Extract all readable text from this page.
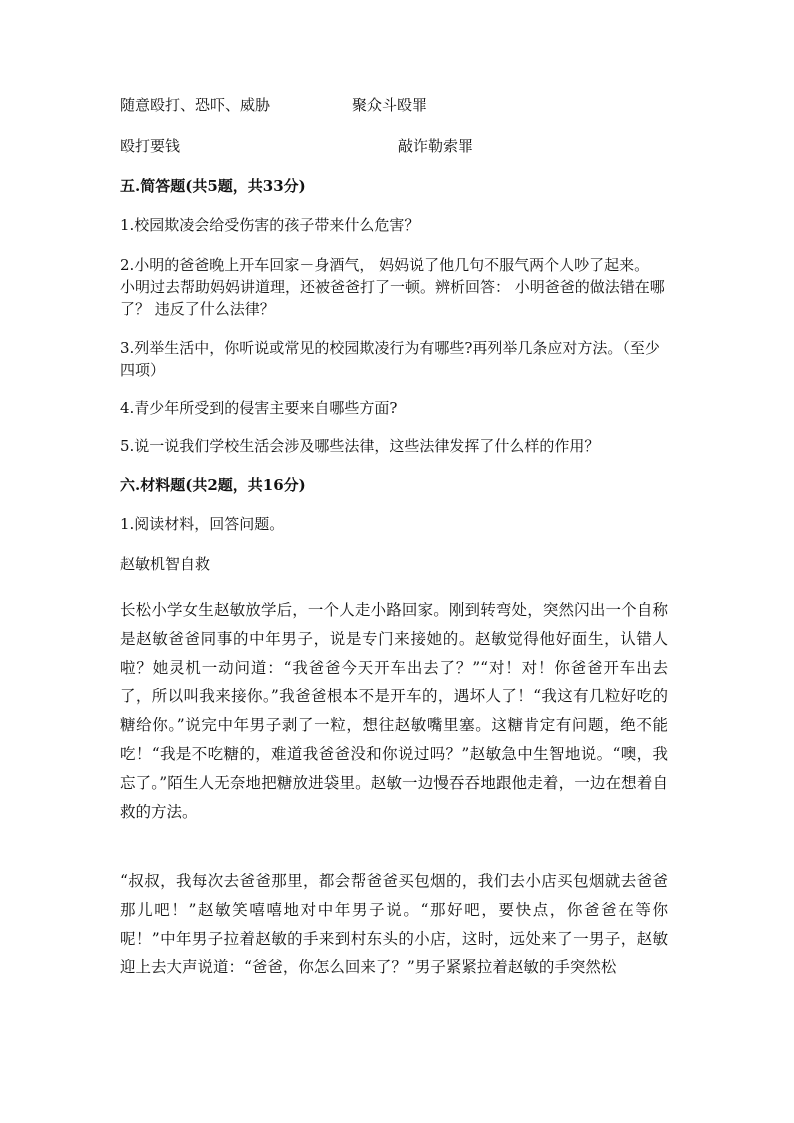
随意殴打、恐吓、威胁	聚众斗殴罪
殴打要钱	敲诈勒索罪
五.简答题(共5题，共33分)
1.校园欺凌会给受伤害的孩子带来什么危害？
2.小明的爸爸晚上开车回家－身酒气， 妈妈说了他几句不服气两个人吵了起来。 小明过去帮助妈妈讲道理，还被爸爸打了一顿。辨析回答： 小明爸爸的做法错在哪了？ 违反了什么法律？
3.列举生活中，你听说或常见的校园欺凌行为有哪些?再列举几条应对方法。（至少四项）
4.青少年所受到的侵害主要来自哪些方面?
5.说一说我们学校生活会涉及哪些法律，这些法律发挥了什么样的作用？
六.材料题(共2题，共16分)
1.阅读材料，回答问题。
赵敏机智自救
长松小学女生赵敏放学后，一个人走小路回家。刚到转弯处，突然闪出一个自称是赵敏爸爸同事的中年男子，说是专门来接她的。赵敏觉得他好面生，认错人啦？她灵机一动问道：“我爸爸今天开车出去了？”“对！对！你爸爸开车出去了，所以叫我来接你。”我爸爸根本不是开车的，遇坏人了！“我这有几粒好吃的糖给你。”说完中年男子剥了一粒，想往赵敏嘴里塞。这糖肯定有问题，绝不能吃！“我是不吃糖的，难道我爸爸没和你说过吗？”赵敏急中生智地说。“噢，我忘了。”陌生人无奈地把糖放进袋里。赵敏一边慢吞吞地跟他走着，一边在想着自救的方法。
“叔叔，我每次去爸爸那里，都会帮爸爸买包烟的，我们去小店买包烟就去爸爸那儿吧！”赵敏笑嘻嘻地对中年男子说。“那好吧，要快点，你爸爸在等你呢！”中年男子拉着赵敏的手来到村东头的小店，这时，远处来了一男子，赵敏迎上去大声说道：“爸爸，你怎么回来了？”男子紧紧拉着赵敏的手突然松
